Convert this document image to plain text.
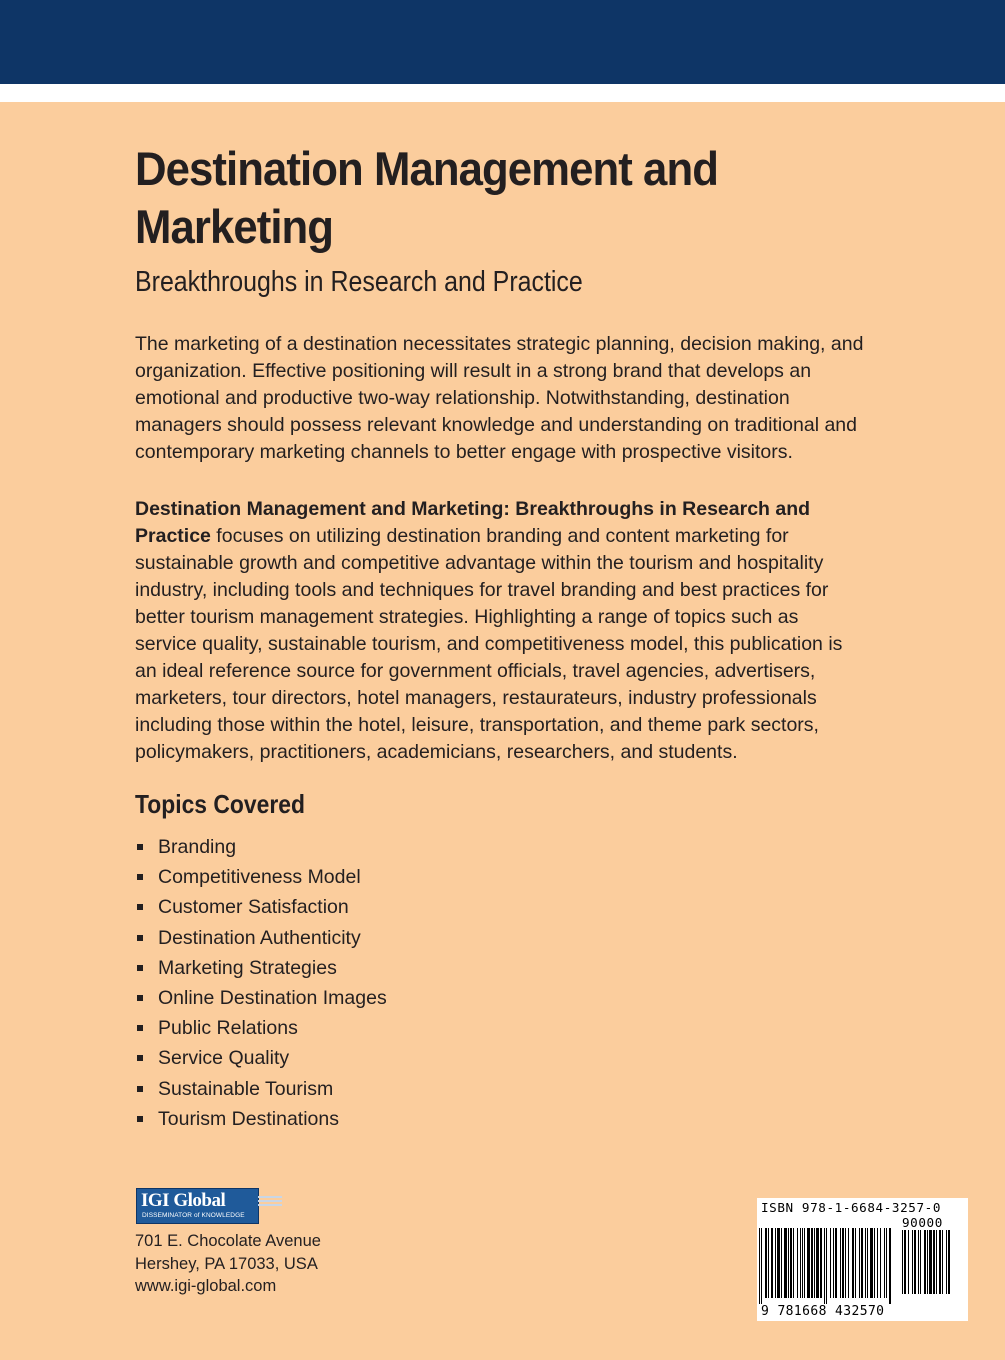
Destination Management and Marketing
Breakthroughs in Research and Practice

The marketing of a destination necessitates strategic planning, decision making, and organization. Effective positioning will result in a strong brand that develops an emotional and productive two-way relationship. Notwithstanding, destination managers should possess relevant knowledge and understanding on traditional and contemporary marketing channels to better engage with prospective visitors.

Destination Management and Marketing: Breakthroughs in Research and Practice focuses on utilizing destination branding and content marketing for sustainable growth and competitive advantage within the tourism and hospitality industry, including tools and techniques for travel branding and best practices for better tourism management strategies. Highlighting a range of topics such as service quality, sustainable tourism, and competitiveness model, this publication is an ideal reference source for government officials, travel agencies, advertisers, marketers, tour directors, hotel managers, restaurateurs, industry professionals including those within the hotel, leisure, transportation, and theme park sectors, policymakers, practitioners, academicians, researchers, and students.

Topics Covered
Branding
Competitiveness Model
Customer Satisfaction
Destination Authenticity
Marketing Strategies
Online Destination Images
Public Relations
Service Quality
Sustainable Tourism
Tourism Destinations
IGI Global
DISSEMINATOR of KNOWLEDGE
701 E. Chocolate Avenue
Hershey, PA 17033, USA
www.igi-global.com
ISBN 978-1-6684-3257-0
90000
9 781668 432570
